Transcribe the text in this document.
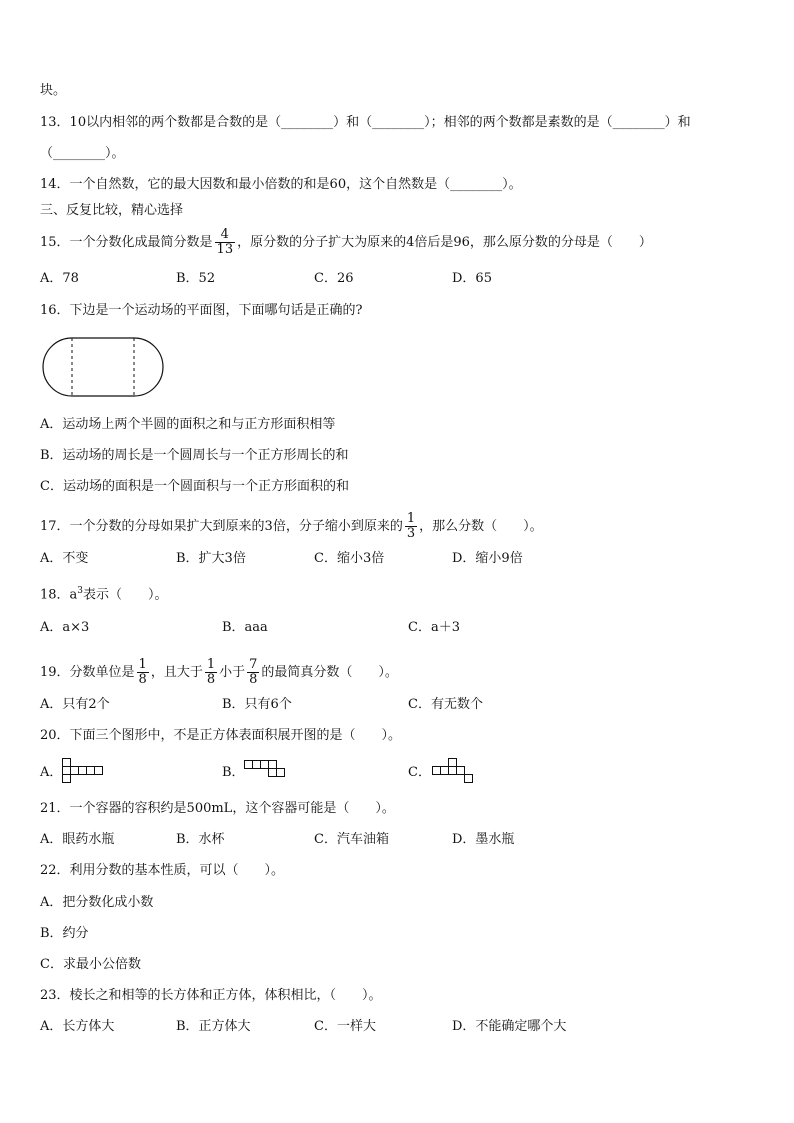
块。
13．10以内相邻的两个数都是合数的是（________）和（________）；相邻的两个数都是素数的是（________）和
（________）。
14．一个自然数，它的最大因数和最小倍数的和是60，这个自然数是（________）。
三、反复比较，精心选择
15．一个分数化成最简分数是 $\frac{4}{13}$ ，原分数的分子扩大为原来的4倍后是96，那么原分数的分母是（　　）
A．78	B．52	C．26	D．65
16．下边是一个运动场的平面图，下面哪句话是正确的?
A．运动场上两个半圆的面积之和与正方形面积相等
B．运动场的周长是一个圆周长与一个正方形周长的和
C．运动场的面积是一个圆面积与一个正方形面积的和
17．一个分数的分母如果扩大到原来的3倍，分子缩小到原来的 $\frac{1}{3}$ ，那么分数（　　）。
A．不变	B．扩大3倍	C．缩小3倍	D．缩小9倍
18．$a^3$表示（　　）。
A．a×3	B．aaa	C．a＋3
19．分数单位是 $\frac{1}{8}$ ，且大于 $\frac{1}{8}$ 小于 $\frac{7}{8}$ 的最简真分数（　　）。
A．只有2个	B．只有6个	C．有无数个
20．下面三个图形中，不是正方体表面积展开图的是（　　）。
A．	B．	C．
21．一个容器的容积约是500mL，这个容器可能是（　　）。
A．眼药水瓶	B．水杯	C．汽车油箱	D．墨水瓶
22．利用分数的基本性质，可以（　　）。
A．把分数化成小数
B．约分
C．求最小公倍数
23．棱长之和相等的长方体和正方体，体积相比，（　　）。
A．长方体大	B．正方体大	C．一样大	D．不能确定哪个大
